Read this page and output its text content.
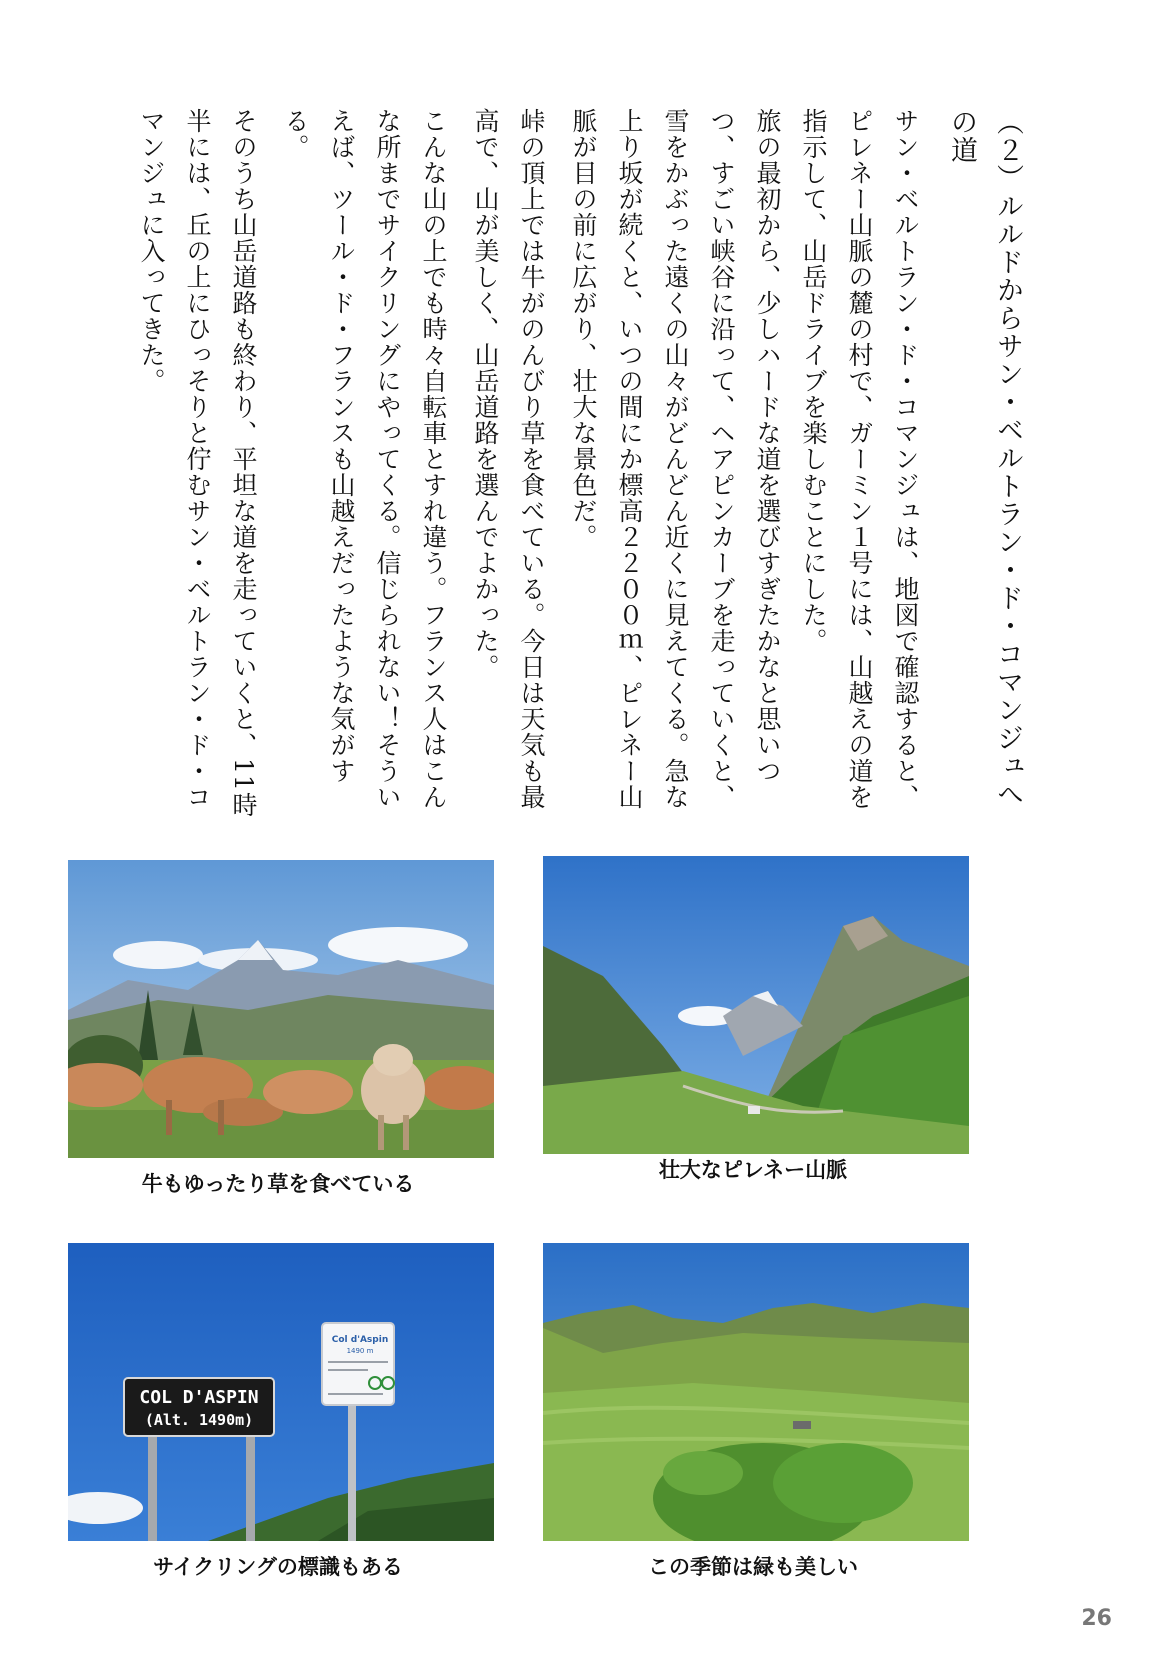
（２）ルルドからサン・ベルトラン・ド・コマンジュへの道

サン・ベルトラン・ド・コマンジュは、地図で確認すると、ピレネー山脈の麓の村で、ガーミン１号には、山越えの道を指示して、山岳ドライブを楽しむことにした。

旅の最初から、少しハードな道を選びすぎたかなと思いつつ、すごい峡谷に沿って、ヘアピンカーブを走っていくと、雪をかぶった遠くの山々がどんどん近くに見えてくる。急な上り坂が続くと、いつの間にか標高２２００ｍ、ピレネー山脈が目の前に広がり、壮大な景色だ。

峠の頂上では牛がのんびり草を食べている。今日は天気も最高で、山が美しく、山岳道路を選んでよかった。

こんな山の上でも時々自転車とすれ違う。フランス人はこんな所までサイクリングにやってくる。信じられない！そういえば、ツール・ド・フランスも山越えだったような気がする。

そのうち山岳道路も終わり、平坦な道を走っていくと、11時半には、丘の上にひっそりと佇むサン・ベルトラン・ド・コマンジュに入ってきた。

牛もゆったり草を食べている
壮大なピレネー山脈
COL D'ASPIN
(Alt. 1490m)
Col d'Aspin
1490 m
サイクリングの標識もある	この季節は緑も美しい
26
